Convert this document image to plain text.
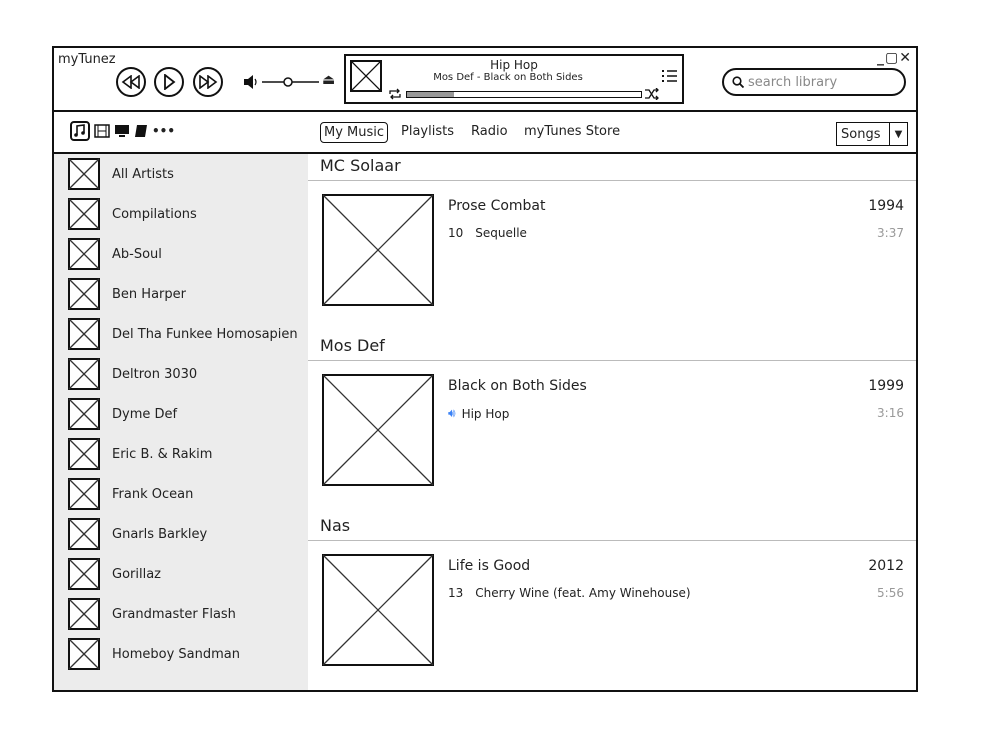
myTunez	_▢✕
⏏
Hip Hop
Mos Def - Black on Both Sides	search library
•••	My Music	Playlists Radio myTunes Store	Songs	▼
All Artists
Compilations
Ab-Soul
Ben Harper
Del Tha Funkee Homosapien
Deltron 3030
Dyme Def
Eric B. & Rakim
Frank Ocean
Gnarls Barkley
Gorillaz
Grandmaster Flash
Homeboy Sandman
MC Solaar
Prose Combat	1994
10 Sequelle	3:37
Mos Def
Black on Both Sides	1999
🔊︎ Hip Hop	3:16
Nas
Life is Good	2012
13 Cherry Wine (feat. Amy Winehouse)	5:56
